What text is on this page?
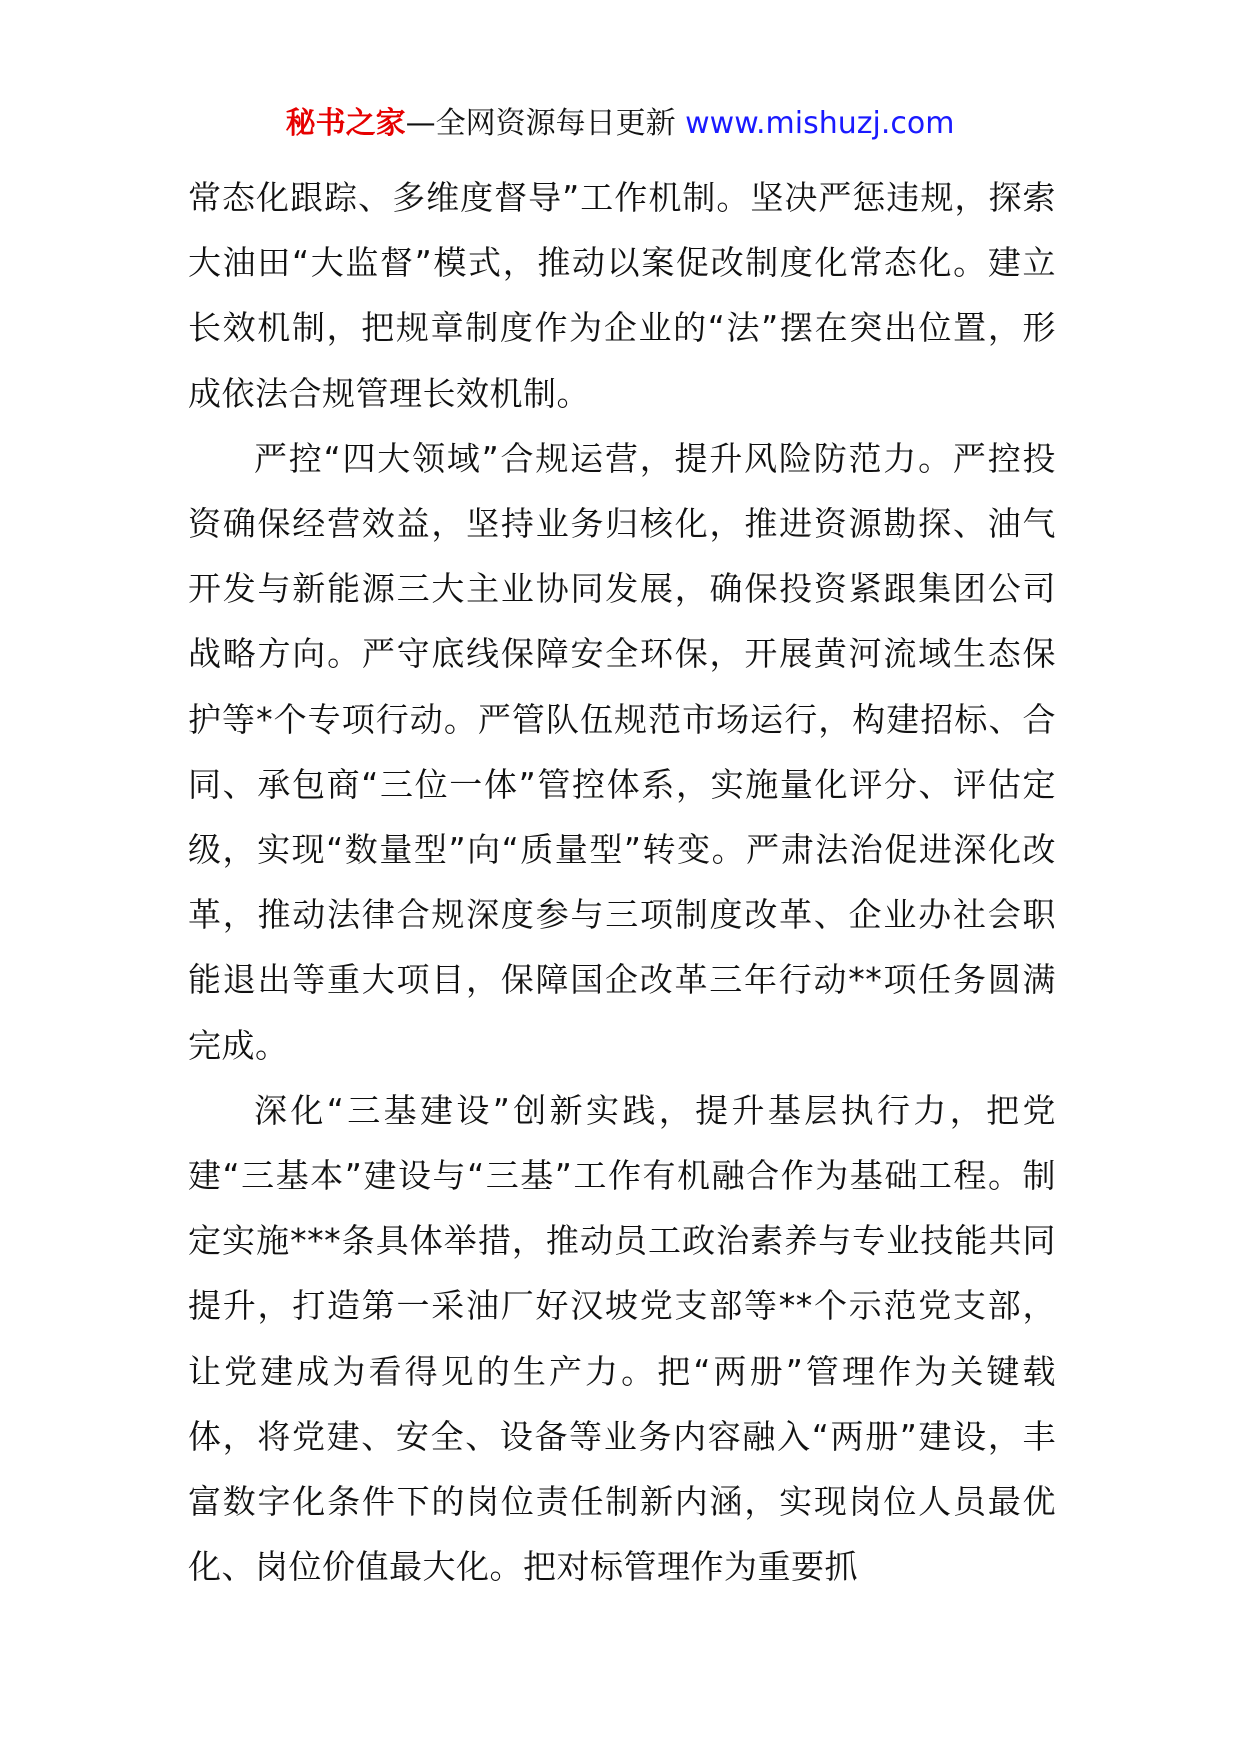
秘书之家—全网资源每日更新 www.mishuzj.com

常态化跟踪、多维度督导”工作机制。坚决严惩违规，探索大油田“大监督”模式，推动以案促改制度化常态化。建立长效机制，把规章制度作为企业的“法”摆在突出位置，形成依法合规管理长效机制。

严控“四大领域”合规运营，提升风险防范力。严控投资确保经营效益，坚持业务归核化，推进资源勘探、油气开发与新能源三大主业协同发展，确保投资紧跟集团公司战略方向。严守底线保障安全环保，开展黄河流域生态保护等*个专项行动。严管队伍规范市场运行，构建招标、合同、承包商“三位一体”管控体系，实施量化评分、评估定级，实现“数量型”向“质量型”转变。严肃法治促进深化改革，推动法律合规深度参与三项制度改革、企业办社会职能退出等重大项目，保障国企改革三年行动**项任务圆满完成。

深化“三基建设”创新实践，提升基层执行力，把党建“三基本”建设与“三基”工作有机融合作为基础工程。制定实施***条具体举措，推动员工政治素养与专业技能共同提升，打造第一采油厂好汉坡党支部等**个示范党支部，让党建成为看得见的生产力。把“两册”管理作为关键载体，将党建、安全、设备等业务内容融入“两册”建设，丰富数字化条件下的岗位责任制新内涵，实现岗位人员最优化、岗位价值最大化。把对标管理作为重要抓
